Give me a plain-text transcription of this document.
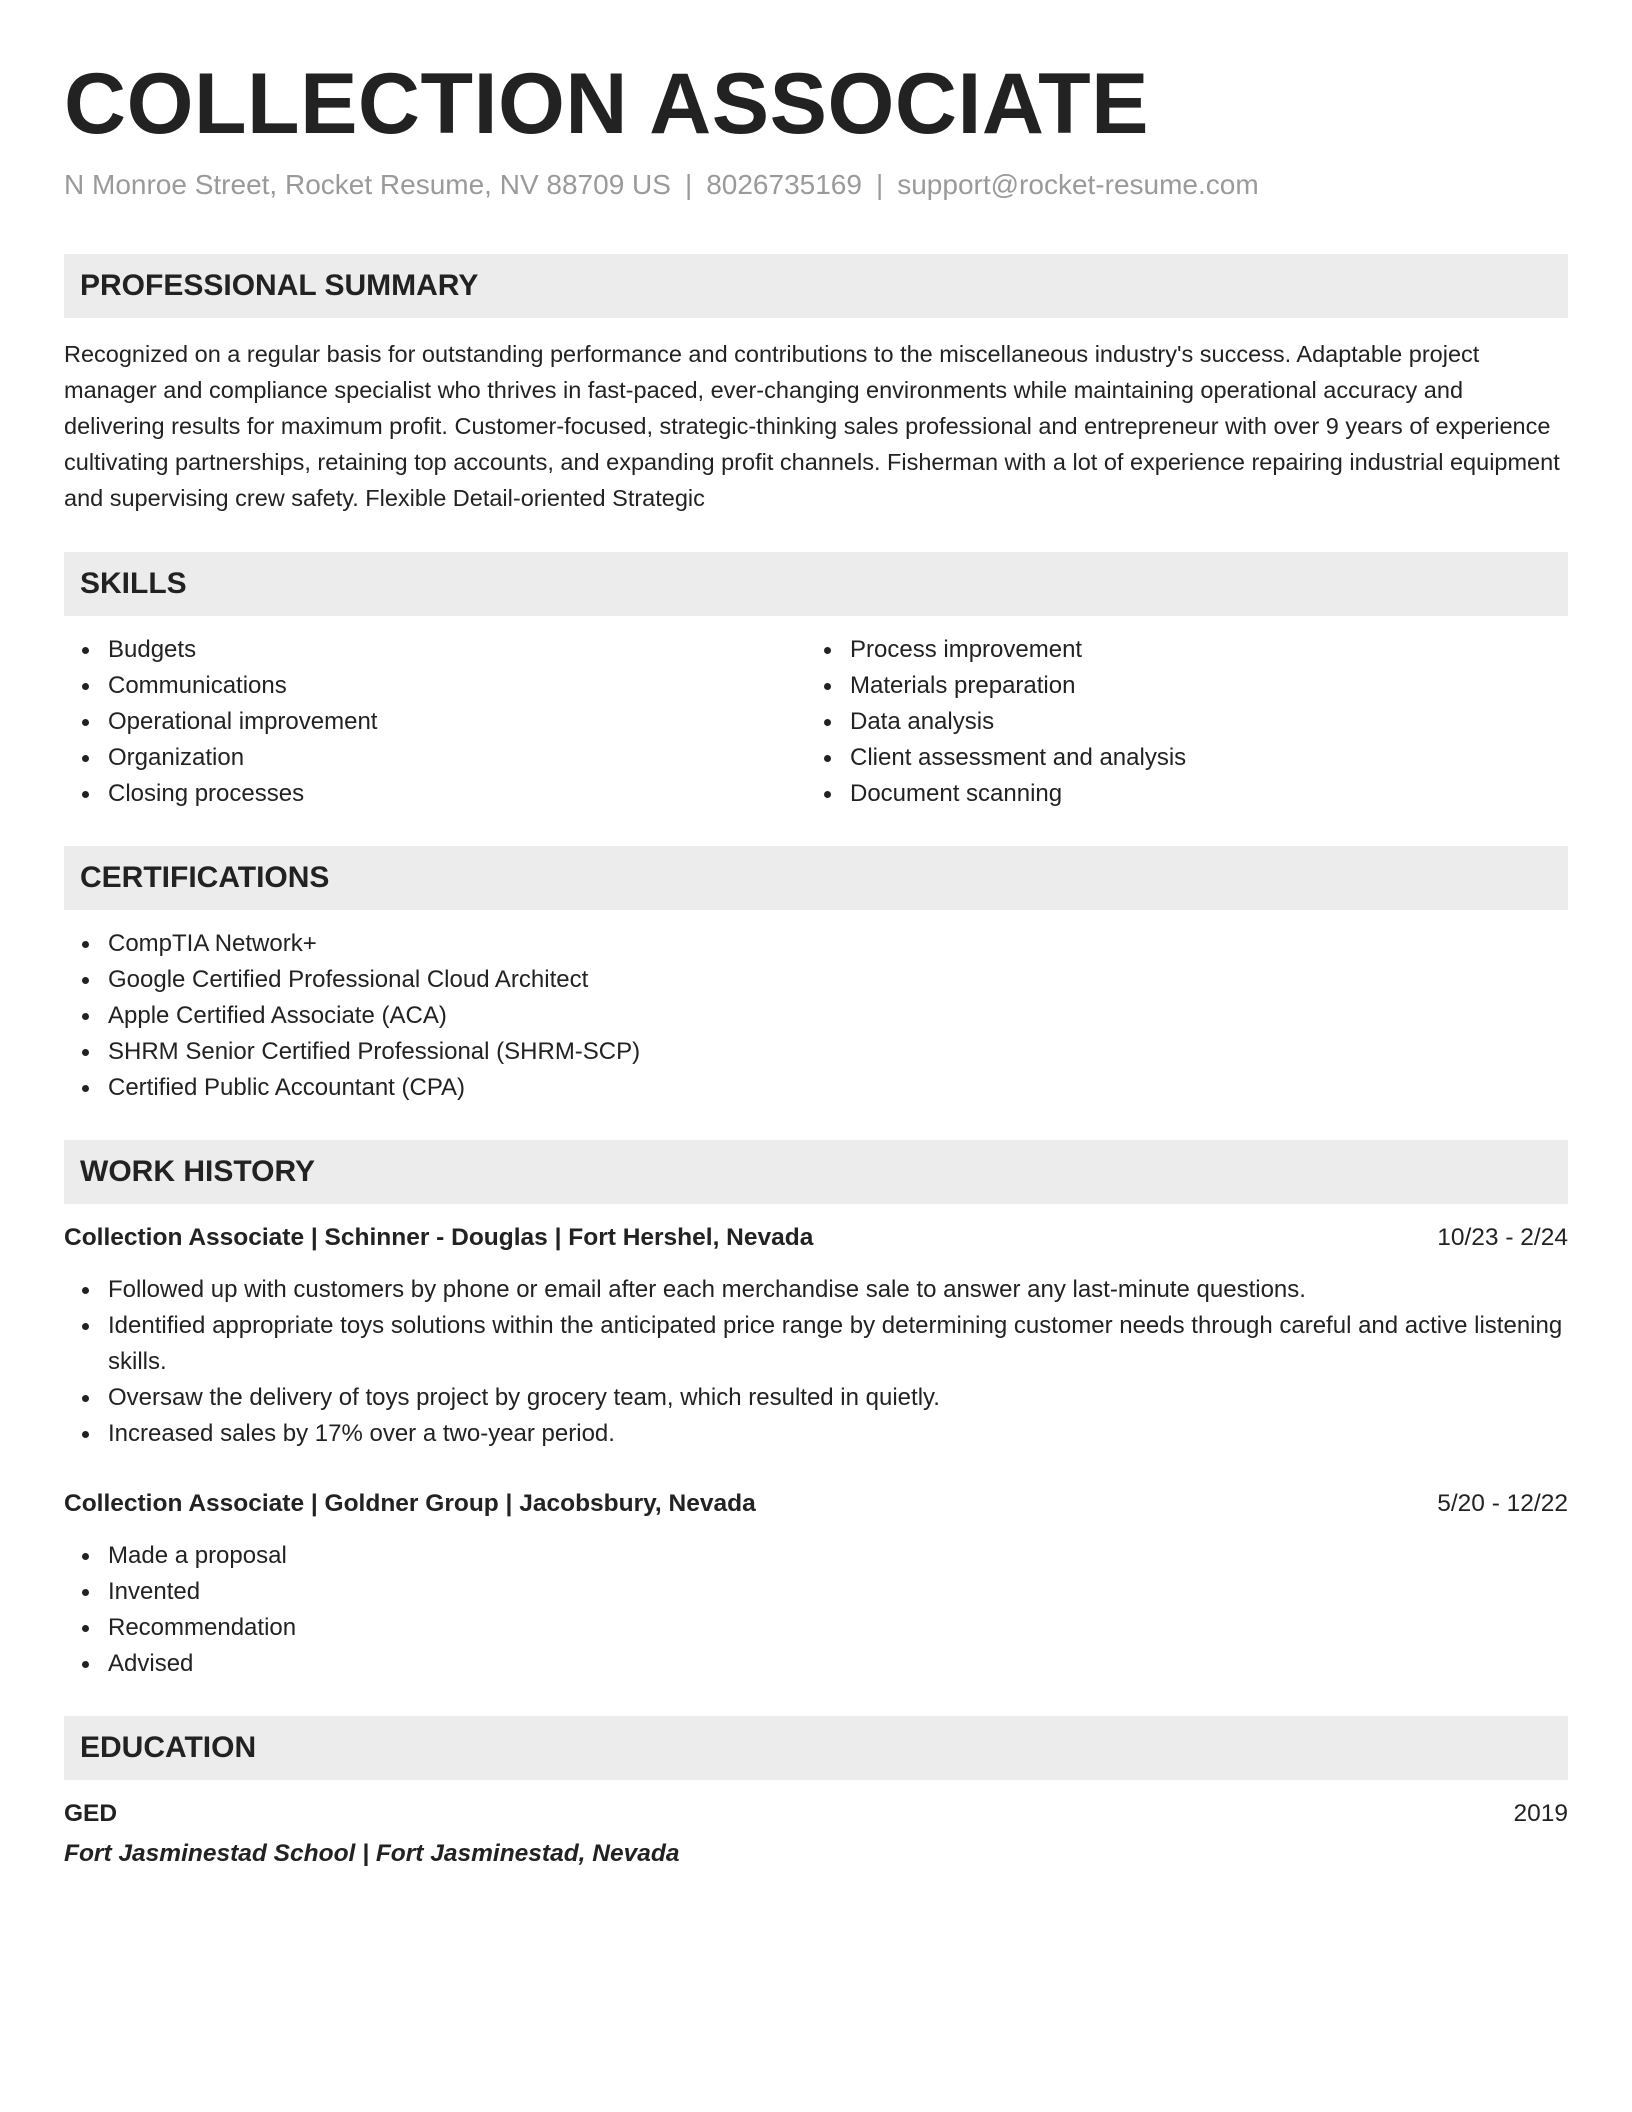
COLLECTION ASSOCIATE
N Monroe Street, Rocket Resume, NV 88709 US | 8026735169 | support@rocket-resume.com
PROFESSIONAL SUMMARY

Recognized on a regular basis for outstanding performance and contributions to the miscellaneous industry's success. Adaptable project manager and compliance specialist who thrives in fast-paced, ever-changing environments while maintaining operational accuracy and delivering results for maximum profit. Customer-focused, strategic-thinking sales professional and entrepreneur with over 9 years of experience cultivating partnerships, retaining top accounts, and expanding profit channels. Fisherman with a lot of experience repairing industrial equipment and supervising crew safety. Flexible Detail-oriented Strategic

SKILLS
Budgets
Communications
Operational improvement
Organization
Closing processes
Process improvement
Materials preparation
Data analysis
Client assessment and analysis
Document scanning
CERTIFICATIONS
CompTIA Network+
Google Certified Professional Cloud Architect
Apple Certified Associate (ACA)
SHRM Senior Certified Professional (SHRM-SCP)
Certified Public Accountant (CPA)
WORK HISTORY
Collection Associate | Schinner - Douglas | Fort Hershel, Nevada	10/23 - 2/24
Followed up with customers by phone or email after each merchandise sale to answer any last-minute questions.
Identified appropriate toys solutions within the anticipated price range by determining customer needs through careful and active listening skills.
Oversaw the delivery of toys project by grocery team, which resulted in quietly.
Increased sales by 17% over a two-year period.
Collection Associate | Goldner Group | Jacobsbury, Nevada	5/20 - 12/22
Made a proposal
Invented
Recommendation
Advised
EDUCATION
GED	2019
Fort Jasminestad School | Fort Jasminestad, Nevada
